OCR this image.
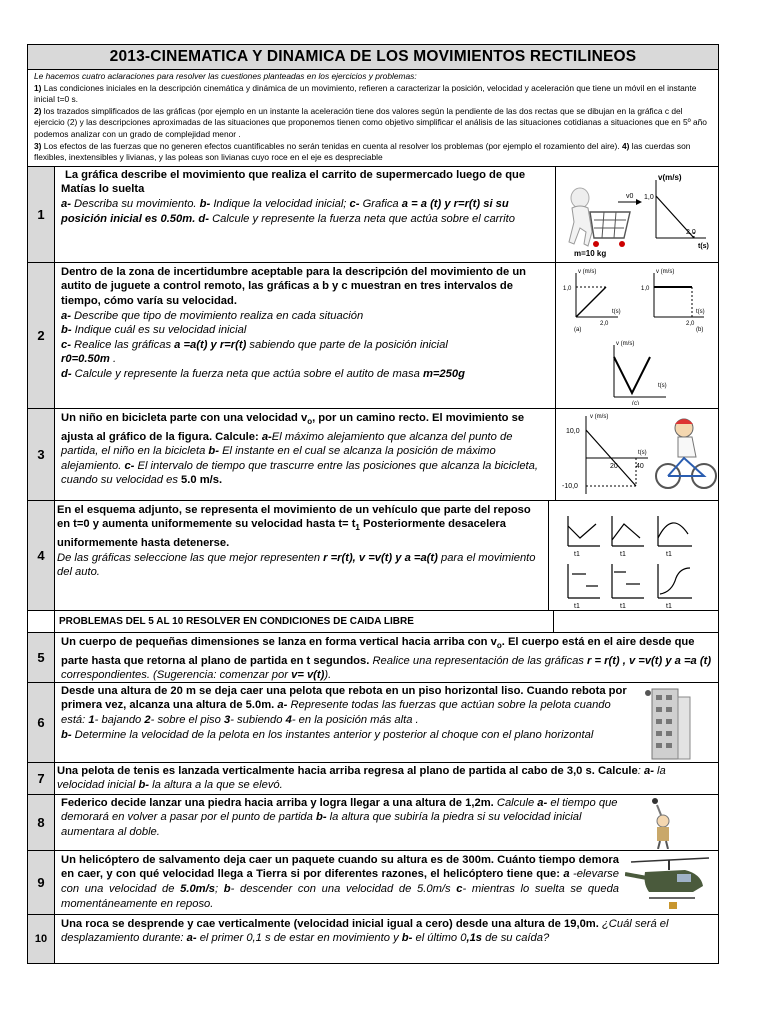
2013-CINEMATICA Y DINAMICA DE LOS MOVIMIENTOS RECTILINEOS
Le hacemos cuatro aclaraciones para resolver las cuestiones planteadas en los ejercicios y problemas:
1) Las condiciones iniciales en la descripción cinemática y dinámica de un movimiento, refieren a caracterizar la posición, velocidad y aceleración que tiene un móvil en el instante inicial t=0 s.
2) los trazados simplificados de las gráficas (por ejemplo en un instante la aceleración tiene dos valores según la pendiente de las dos rectas que se dibujan en la gráfica c del ejercicio (2) y las descripciones aproximadas de las situaciones que proponemos tienen como objetivo simplificar el análisis de las situaciones cotidianas a situaciones que en 5º año podemos analizar con un grado de complejidad menor .
3) Los efectos de las fuerzas que no generen efectos cuantificables no serán tenidas en cuenta al resolver los problemas (por ejemplo el rozamiento del aire). 4) las cuerdas son flexibles, inextensibles y livianas, y las poleas son livianas cuyo roce en el eje es despreciable
1
La gráfica describe el movimiento que realiza el carrito de supermercado luego de que Matías lo suelta
a- Describa su movimiento. b- Indique la velocidad inicial; c- Grafica a = a (t) y r=r(t) si su posición inicial es 0.50m. d- Calcule y represente la fuerza neta que actúa sobre el carrito
v0
m=10 kg
v(m/s)
1,0
2,0
t(s)
2
Dentro de la zona de incertidumbre aceptable para la descripción del movimiento de un autito de juguete a control remoto, las gráficas a b y c muestran en tres intervalos de tiempo, cómo varía su velocidad.
a- Describe que tipo de movimiento realiza en cada situación
b- Indique cuál es su velocidad inicial
c- Realice las gráficas a =a(t) y r=r(t) sabiendo que parte de la posición inicial
r0=0.50m .
d- Calcule y represente la fuerza neta que actúa sobre el autito de masa m=250g
v (m/s)
1,0
2,0
t(s)
(a)
v (m/s)
1,0
2,0
t(s)
(b)
v (m/s)
t(s)
(c)
3
Un niño en bicicleta parte con una velocidad $v_o$, por un camino recto. El movimiento se ajusta al gráfico de la figura. Calcule: a-El máximo alejamiento que alcanza del punto de partida, el niño en la bicicleta b- El instante en el cual se alcanza la posición de máximo alejamiento. c- El intervalo de tiempo que trascurre entre las posiciones que alcanza la bicicleta, cuando su velocidad es 5.0 m/s.
v (m/s)
10,0
-10,0
20	40
t(s)
4
En el esquema adjunto, se representa el movimiento de un vehículo que parte del reposo en t=0 y aumenta uniformemente su velocidad hasta $t= t_1$ Posteriormente desacelera uniformemente hasta detenerse.
De las gráficas seleccione las que mejor representen r =r(t), v =v(t) y a =a(t) para el movimiento del auto.
t1	t1	t1
t1	t1	t1
PROBLEMAS DEL 5 AL 10 RESOLVER EN CONDICIONES DE CAIDA LIBRE
5
Un cuerpo de pequeñas dimensiones se lanza en forma vertical hacia arriba con $v_o$. El cuerpo está en el aire desde que parte hasta que retorna al plano de partida en t segundos. Realice una representación de las gráficas r = r(t) , v =v(t) y a =a (t) correspondientes. (Sugerencia: comenzar por v= v(t)).
6
Desde una altura de 20 m se deja caer una pelota que rebota en un piso horizontal liso. Cuando rebota por primera vez, alcanza una altura de 5.0m. a- Represente todas las fuerzas que actúan sobre la pelota cuando está: 1- bajando 2- sobre el piso 3- subiendo 4- en la posición más alta .
b- Determine la velocidad de la pelota en los instantes anterior y posterior al choque con el plano horizontal
7	Una pelota de tenis es lanzada verticalmente hacia arriba regresa al plano de partida al cabo de 3,0 s. Calcule: a- la velocidad inicial b- la altura a la que se elevó.
8
Federico decide lanzar una piedra hacia arriba y logra llegar a una altura de 1,2m. Calcule a- el tiempo que demorará en volver a pasar por el punto de partida b- la altura que subiría la piedra si su velocidad inicial aumentara al doble.
9
Un helicóptero de salvamento deja caer un paquete cuando su altura es de 300m. Cuánto tiempo demora en caer, y con qué velocidad llega a Tierra si por diferentes razones, el helicóptero tiene que: a -elevarse con una velocidad de 5.0m/s; b- descender con una velocidad de 5.0m/s c- mientras lo suelta se queda momentáneamente en reposo.
10
Una roca se desprende y cae verticalmente (velocidad inicial igual a cero) desde una altura de 19,0m. ¿Cuál será el desplazamiento durante: a- el primer 0,1 s de estar en movimiento y b- el último 0,1s de su caída?
